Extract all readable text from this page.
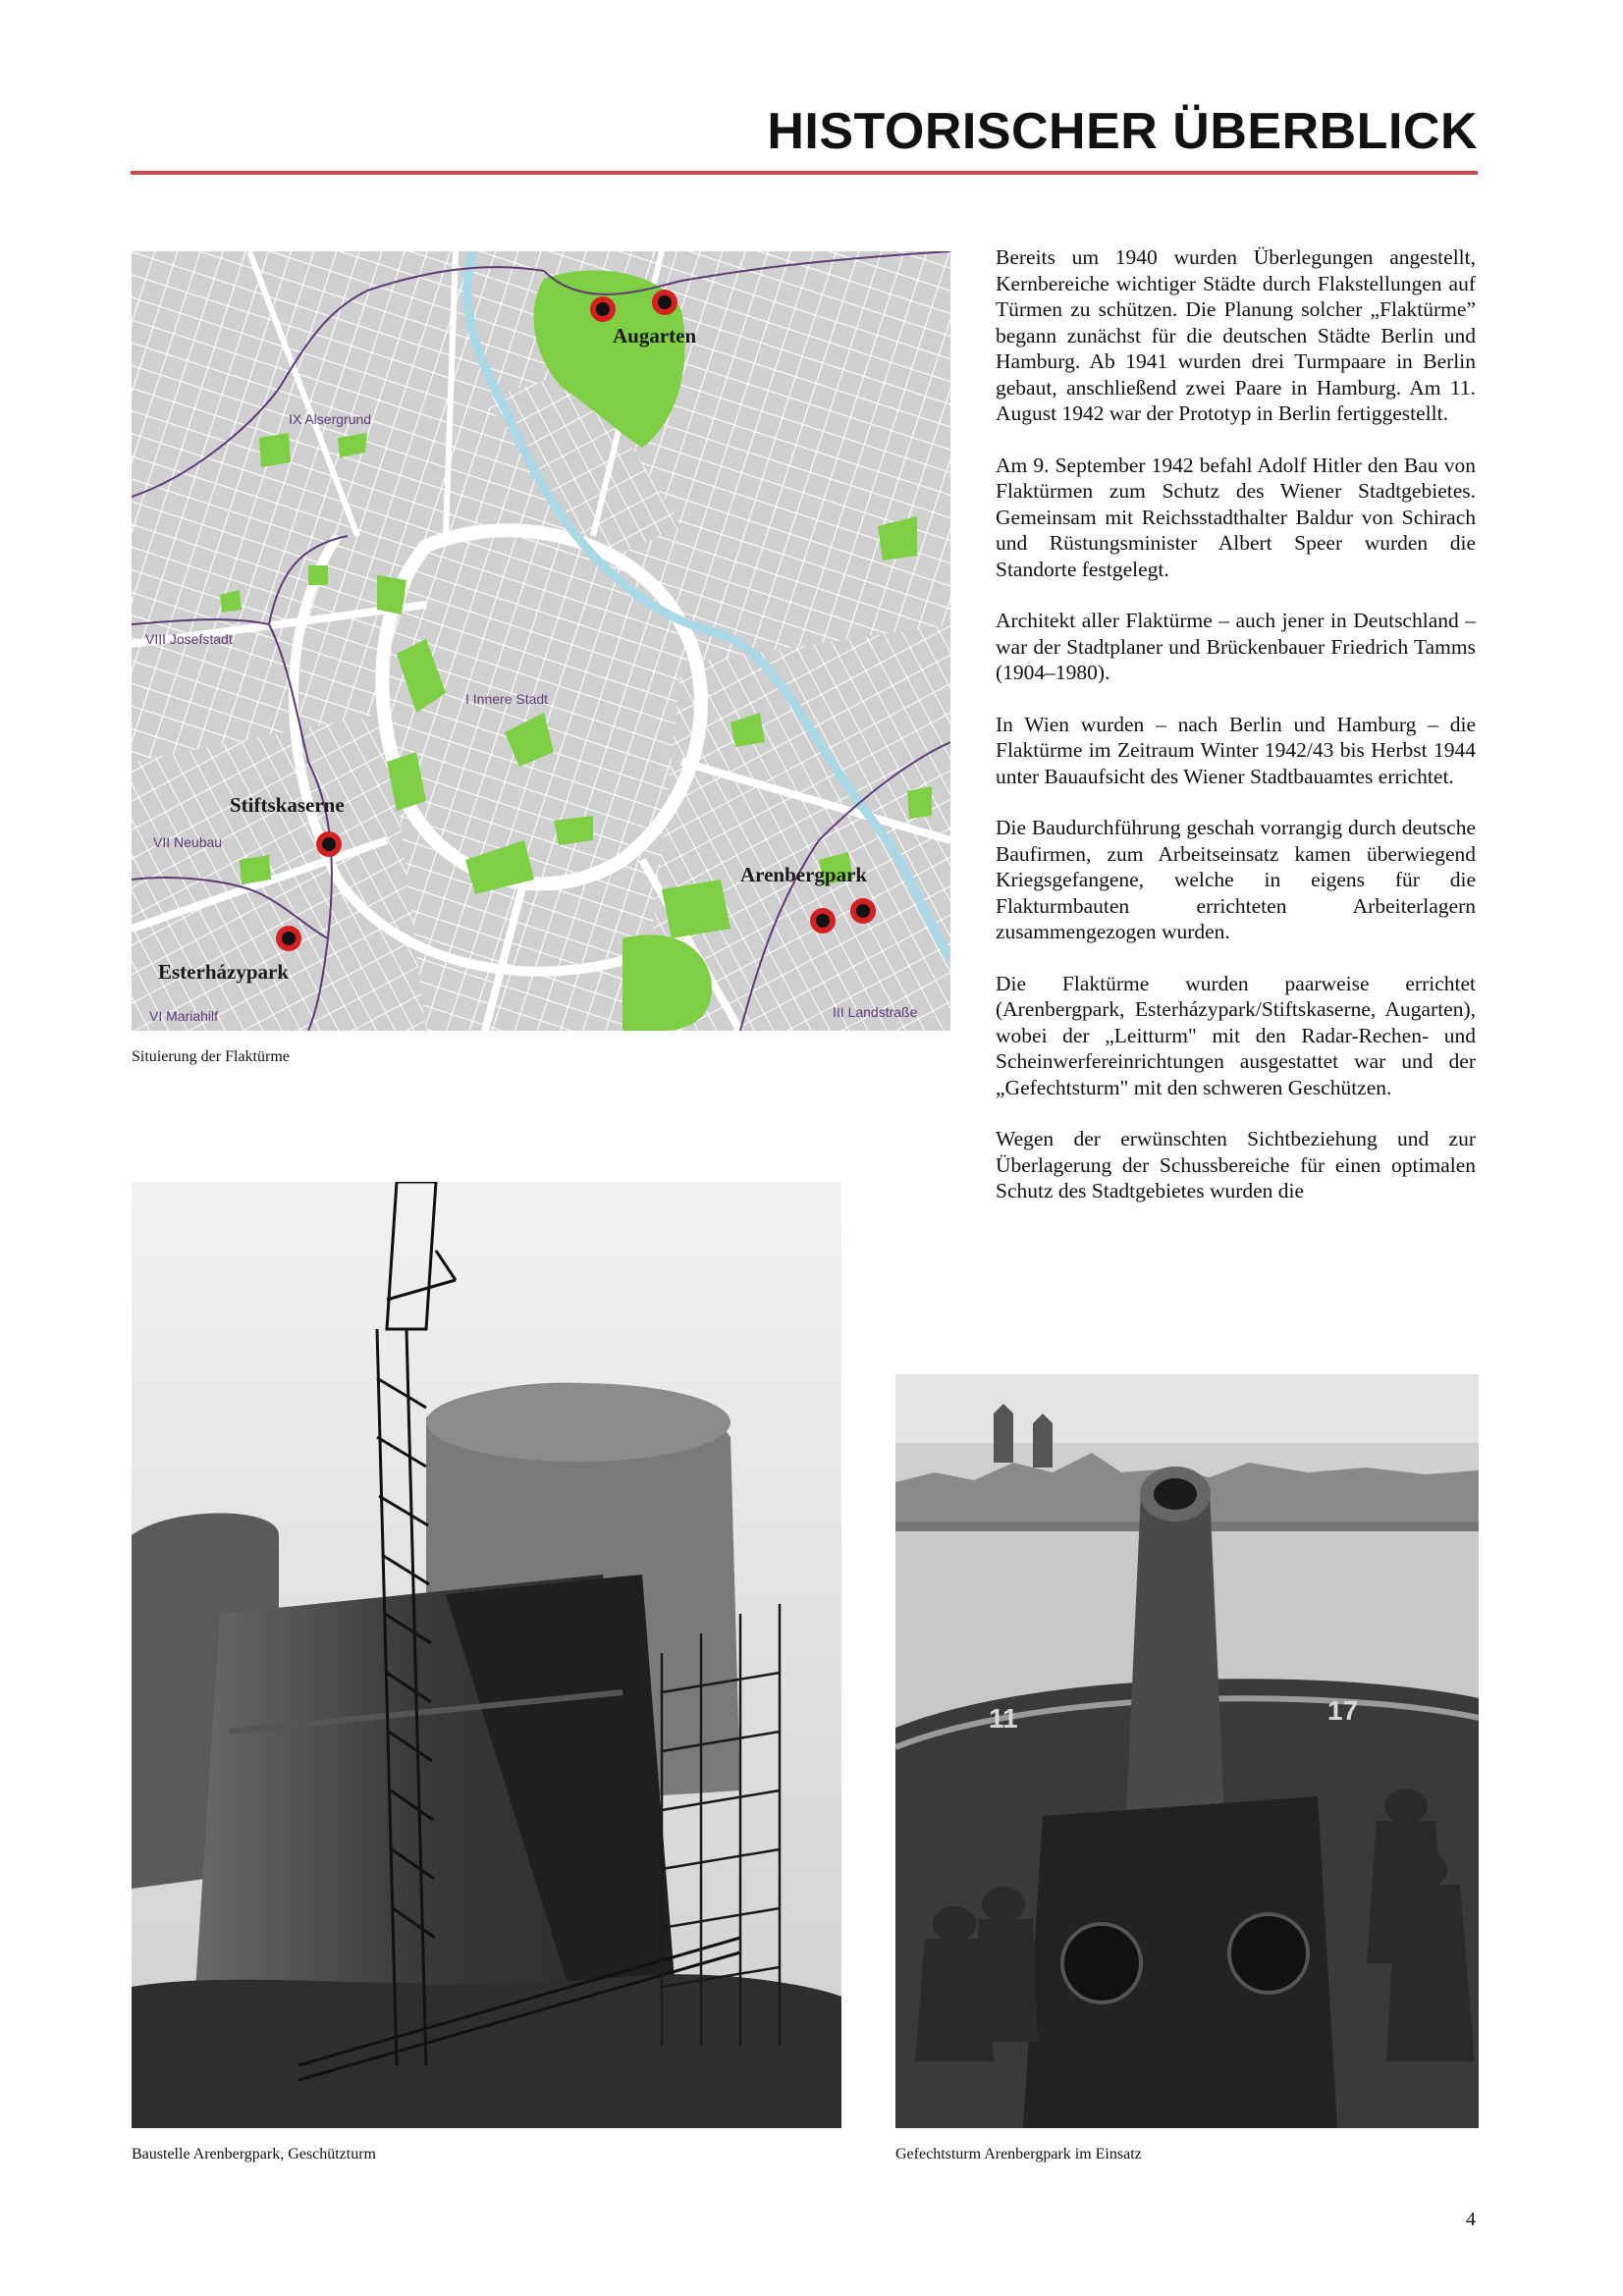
HISTORISCHER ÜBERBLICK
IX Alsergrund
VIII Josefstadt
I Innere Stadt
VII Neubau
VI Mariahilf	III Landstraße
Augarten
Stiftskaserne
Esterházypark
Arenbergpark
Situierung der Flaktürme

Bereits um 1940 wurden Überlegungen angestellt, Kernbereiche wichtiger Städte durch Flakstellungen auf Türmen zu schützen. Die Planung solcher „Flaktürme” begann zunächst für die deutschen Städte Berlin und Hamburg. Ab 1941 wurden drei Turmpaare in Berlin gebaut, anschließend zwei Paare in Hamburg. Am 11. August 1942 war der Prototyp in Berlin fertiggestellt.

Am 9. September 1942 befahl Adolf Hitler den Bau von Flaktürmen zum Schutz des Wiener Stadtgebietes. Gemeinsam mit Reichsstadthalter Baldur von Schirach und Rüstungsminister Albert Speer wurden die Standorte festgelegt.

Architekt aller Flaktürme – auch jener in Deutschland – war der Stadtplaner und Brückenbauer Friedrich Tamms (1904–1980).

In Wien wurden – nach Berlin und Hamburg – die Flaktürme im Zeitraum Winter 1942/43 bis Herbst 1944 unter Bauaufsicht des Wiener Stadtbauamtes errichtet.

Die Baudurchführung geschah vorrangig durch deutsche Baufirmen, zum Arbeitseinsatz kamen überwiegend Kriegsgefangene, welche in eigens für die Flakturmbauten errichteten Arbeiterlagern zusammengezogen wurden.

Die Flaktürme wurden paarweise errichtet (Arenbergpark, Esterházypark/Stiftskaserne, Augarten), wobei der „Leitturm" mit den Radar-Rechen- und Scheinwerfereinrichtungen ausgestattet war und der „Gefechtsturm" mit den schweren Geschützen.

Wegen der erwünschten Sichtbeziehung und zur Überlagerung der Schussbereiche für einen optimalen Schutz des Stadtgebietes wurden die

Baustelle Arenbergpark, Geschützturm
11	17
Gefechtsturm Arenbergpark im Einsatz
4
